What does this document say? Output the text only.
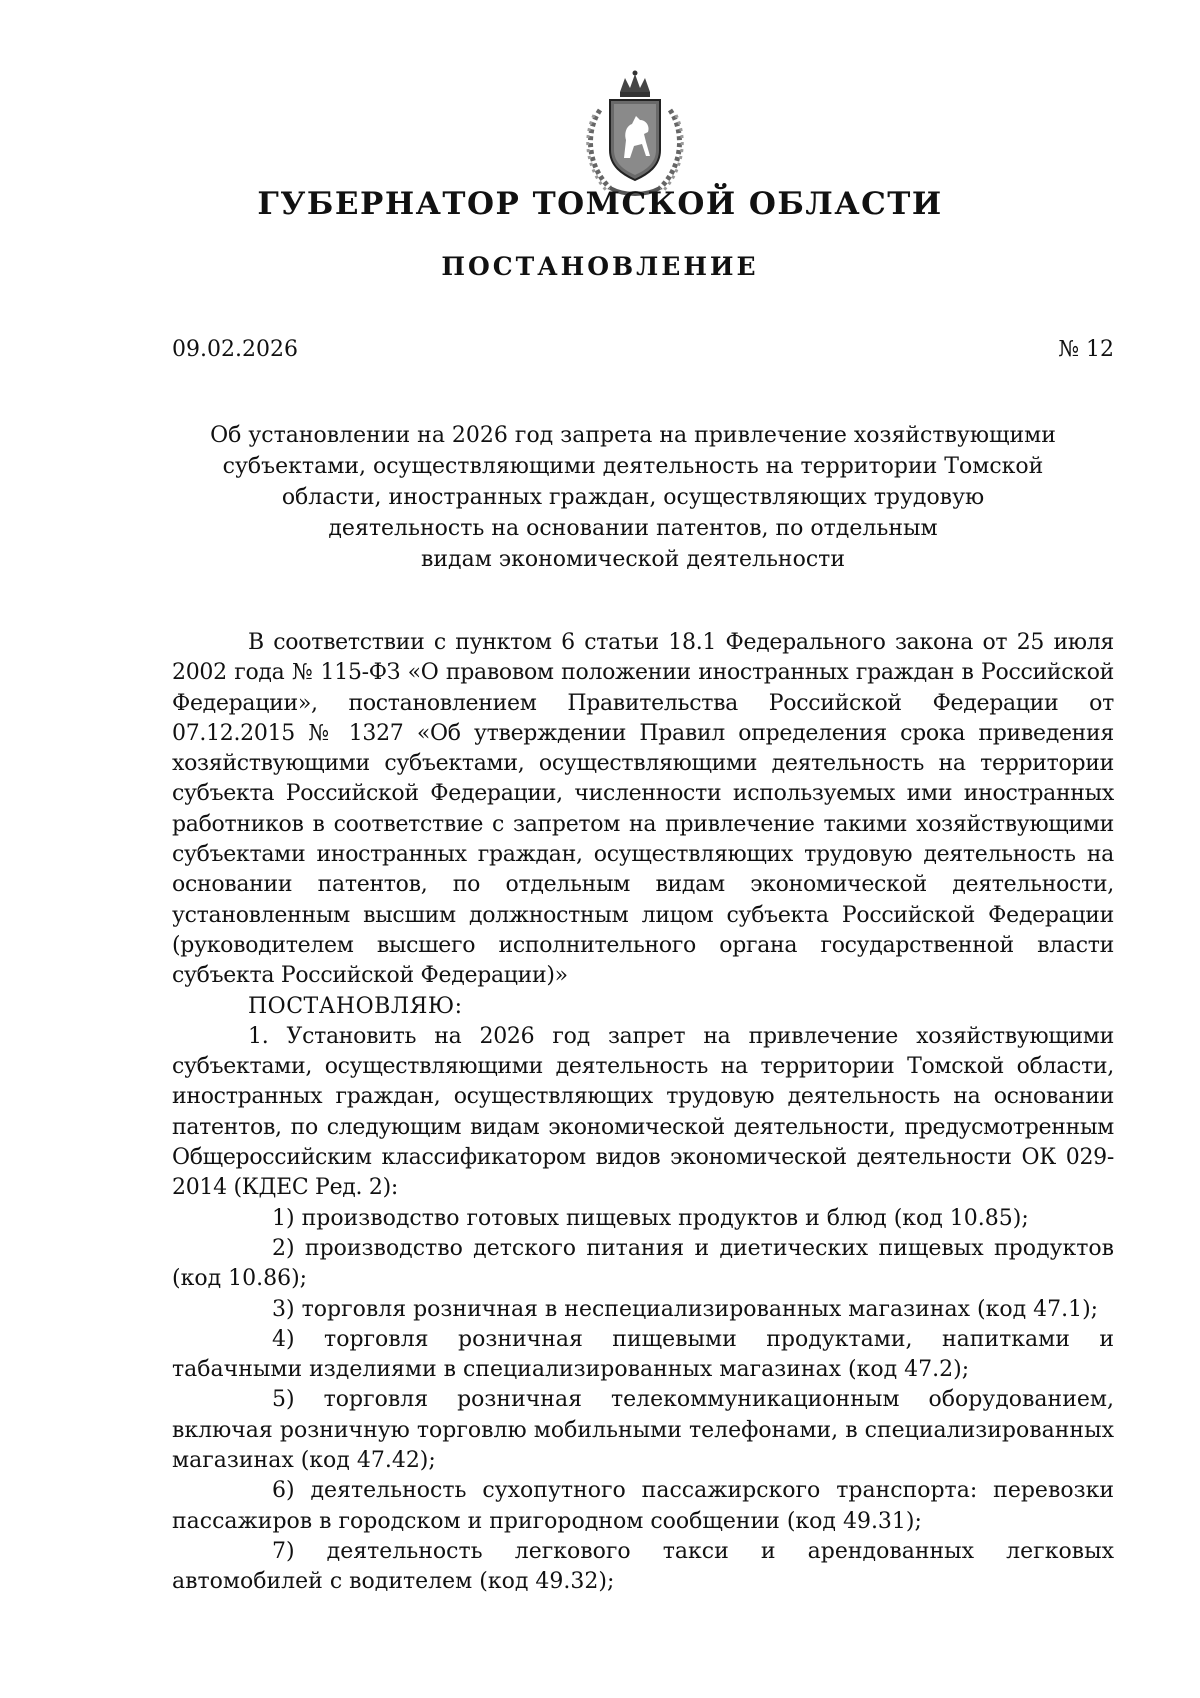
ГУБЕРНАТОР ТОМСКОЙ ОБЛАСТИ
ПОСТАНОВЛЕНИЕ
09.02.2026	№ 12
Об установлении на 2026 год запрета на привлечение хозяйствующими
субъектами, осуществляющими деятельность на территории Томской
области, иностранных граждан, осуществляющих трудовую
деятельность на основании патентов, по отдельным
видам экономической деятельности

В соответствии с пунктом 6 статьи 18.1 Федерального закона от 25 июля 2002 года № 115-ФЗ «О правовом положении иностранных граждан в Российской Федерации», постановлением Правительства Российской Федерации от 07.12.2015 № 1327 «Об утверждении Правил определения срока приведения хозяйствующими субъектами, осуществляющими деятельность на территории субъекта Российской Федерации, численности используемых ими иностранных работников в соответствие с запретом на привлечение такими хозяйствующими субъектами иностранных граждан, осуществляющих трудовую деятельность на основании патентов, по отдельным видам экономической деятельности, установленным высшим должностным лицом субъекта Российской Федерации (руководителем высшего исполнительного органа государственной власти субъекта Российской Федерации)»

ПОСТАНОВЛЯЮ:

1. Установить на 2026 год запрет на привлечение хозяйствующими субъектами, осуществляющими деятельность на территории Томской области, иностранных граждан, осуществляющих трудовую деятельность на основании патентов, по следующим видам экономической деятельности, предусмотренным Общероссийским классификатором видов экономической деятельности ОК 029-2014 (КДЕС Ред. 2):

1) производство готовых пищевых продуктов и блюд (код 10.85);

2) производство детского питания и диетических пищевых продуктов (код 10.86);

3) торговля розничная в неспециализированных магазинах (код 47.1);

4) торговля розничная пищевыми продуктами, напитками и табачными изделиями в специализированных магазинах (код 47.2);

5) торговля розничная телекоммуникационным оборудованием, включая розничную торговлю мобильными телефонами, в специализированных магазинах (код 47.42);

6) деятельность сухопутного пассажирского транспорта: перевозки пассажиров в городском и пригородном сообщении (код 49.31);

7) деятельность легкового такси и арендованных легковых автомобилей с водителем (код 49.32);
